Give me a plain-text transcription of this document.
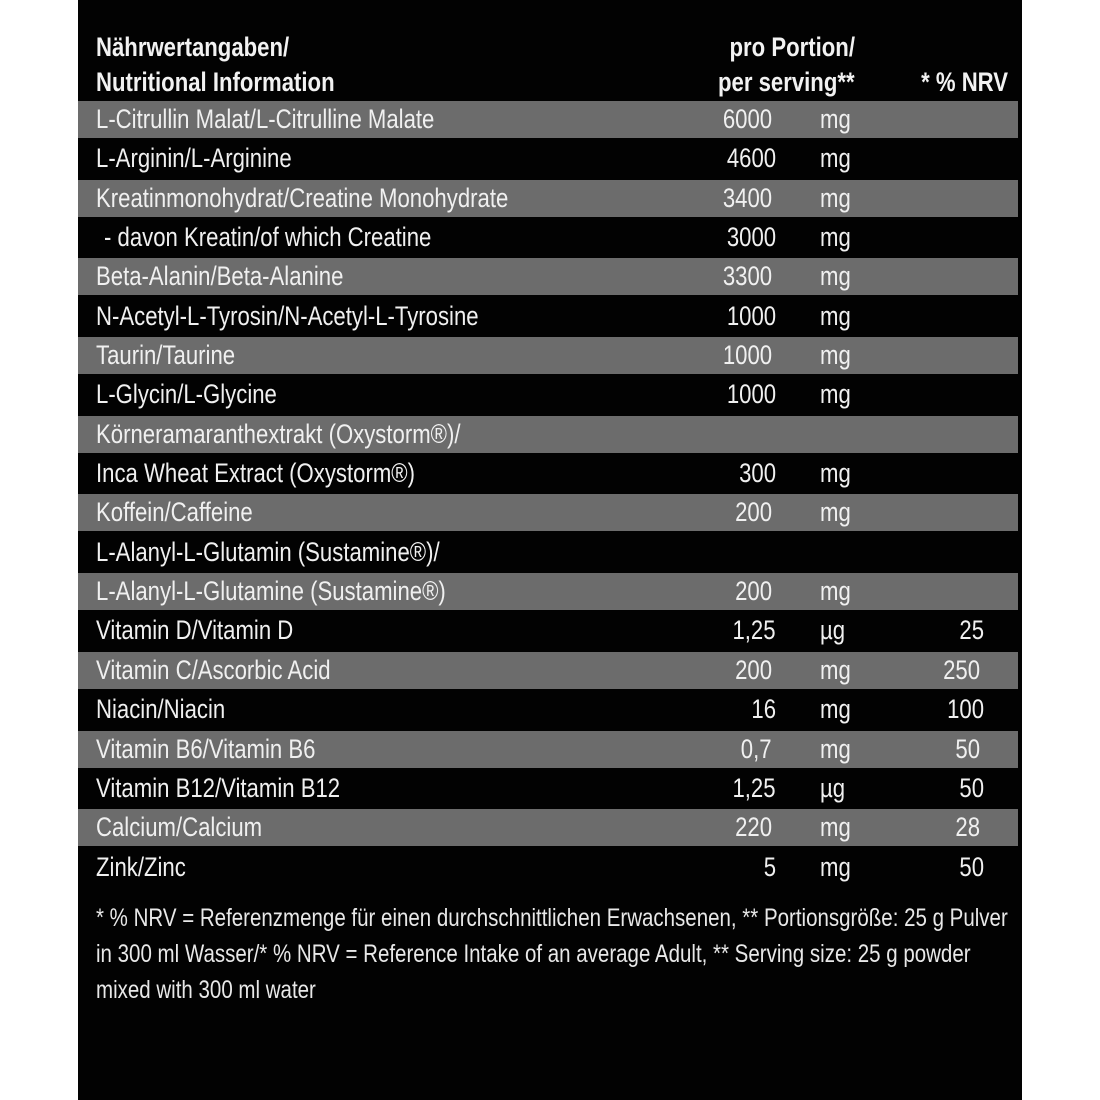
Nährwertangaben/
Nutritional Information
pro Portion/
per serving**	* % NRV
L-Citrullin Malat/L-Citrulline Malate	6000 mg
L-Arginin/L-Arginine	4600 mg
Kreatinmonohydrat/Creatine Monohydrate	3400 mg
- davon Kreatin/of which Creatine	3000 mg
Beta-Alanin/Beta-Alanine	3300 mg
N-Acetyl-L-Tyrosin/N-Acetyl-L-Tyrosine	1000 mg
Taurin/Taurine	1000 mg
L-Glycin/L-Glycine	1000 mg
Körneramaranthextrakt (Oxystorm®)/
Inca Wheat Extract (Oxystorm®)	300 mg
Koffein/Caffeine	200 mg
L-Alanyl-L-Glutamin (Sustamine®)/
L-Alanyl-L-Glutamine (Sustamine®)	200 mg
Vitamin D/Vitamin D	1,25 µg	25
Vitamin C/Ascorbic Acid	200 mg	250
Niacin/Niacin	16 mg	100
Vitamin B6/Vitamin B6	0,7 mg	50
Vitamin B12/Vitamin B12	1,25 µg	50
Calcium/Calcium	220 mg	28
Zink/Zinc	5 mg	50
* % NRV = Referenzmenge für einen durchschnittlichen Erwachsenen, ** Portionsgröße: 25 g Pulver
in 300 ml Wasser/* % NRV = Reference Intake of an average Adult, ** Serving size: 25 g powder
mixed with 300 ml water
